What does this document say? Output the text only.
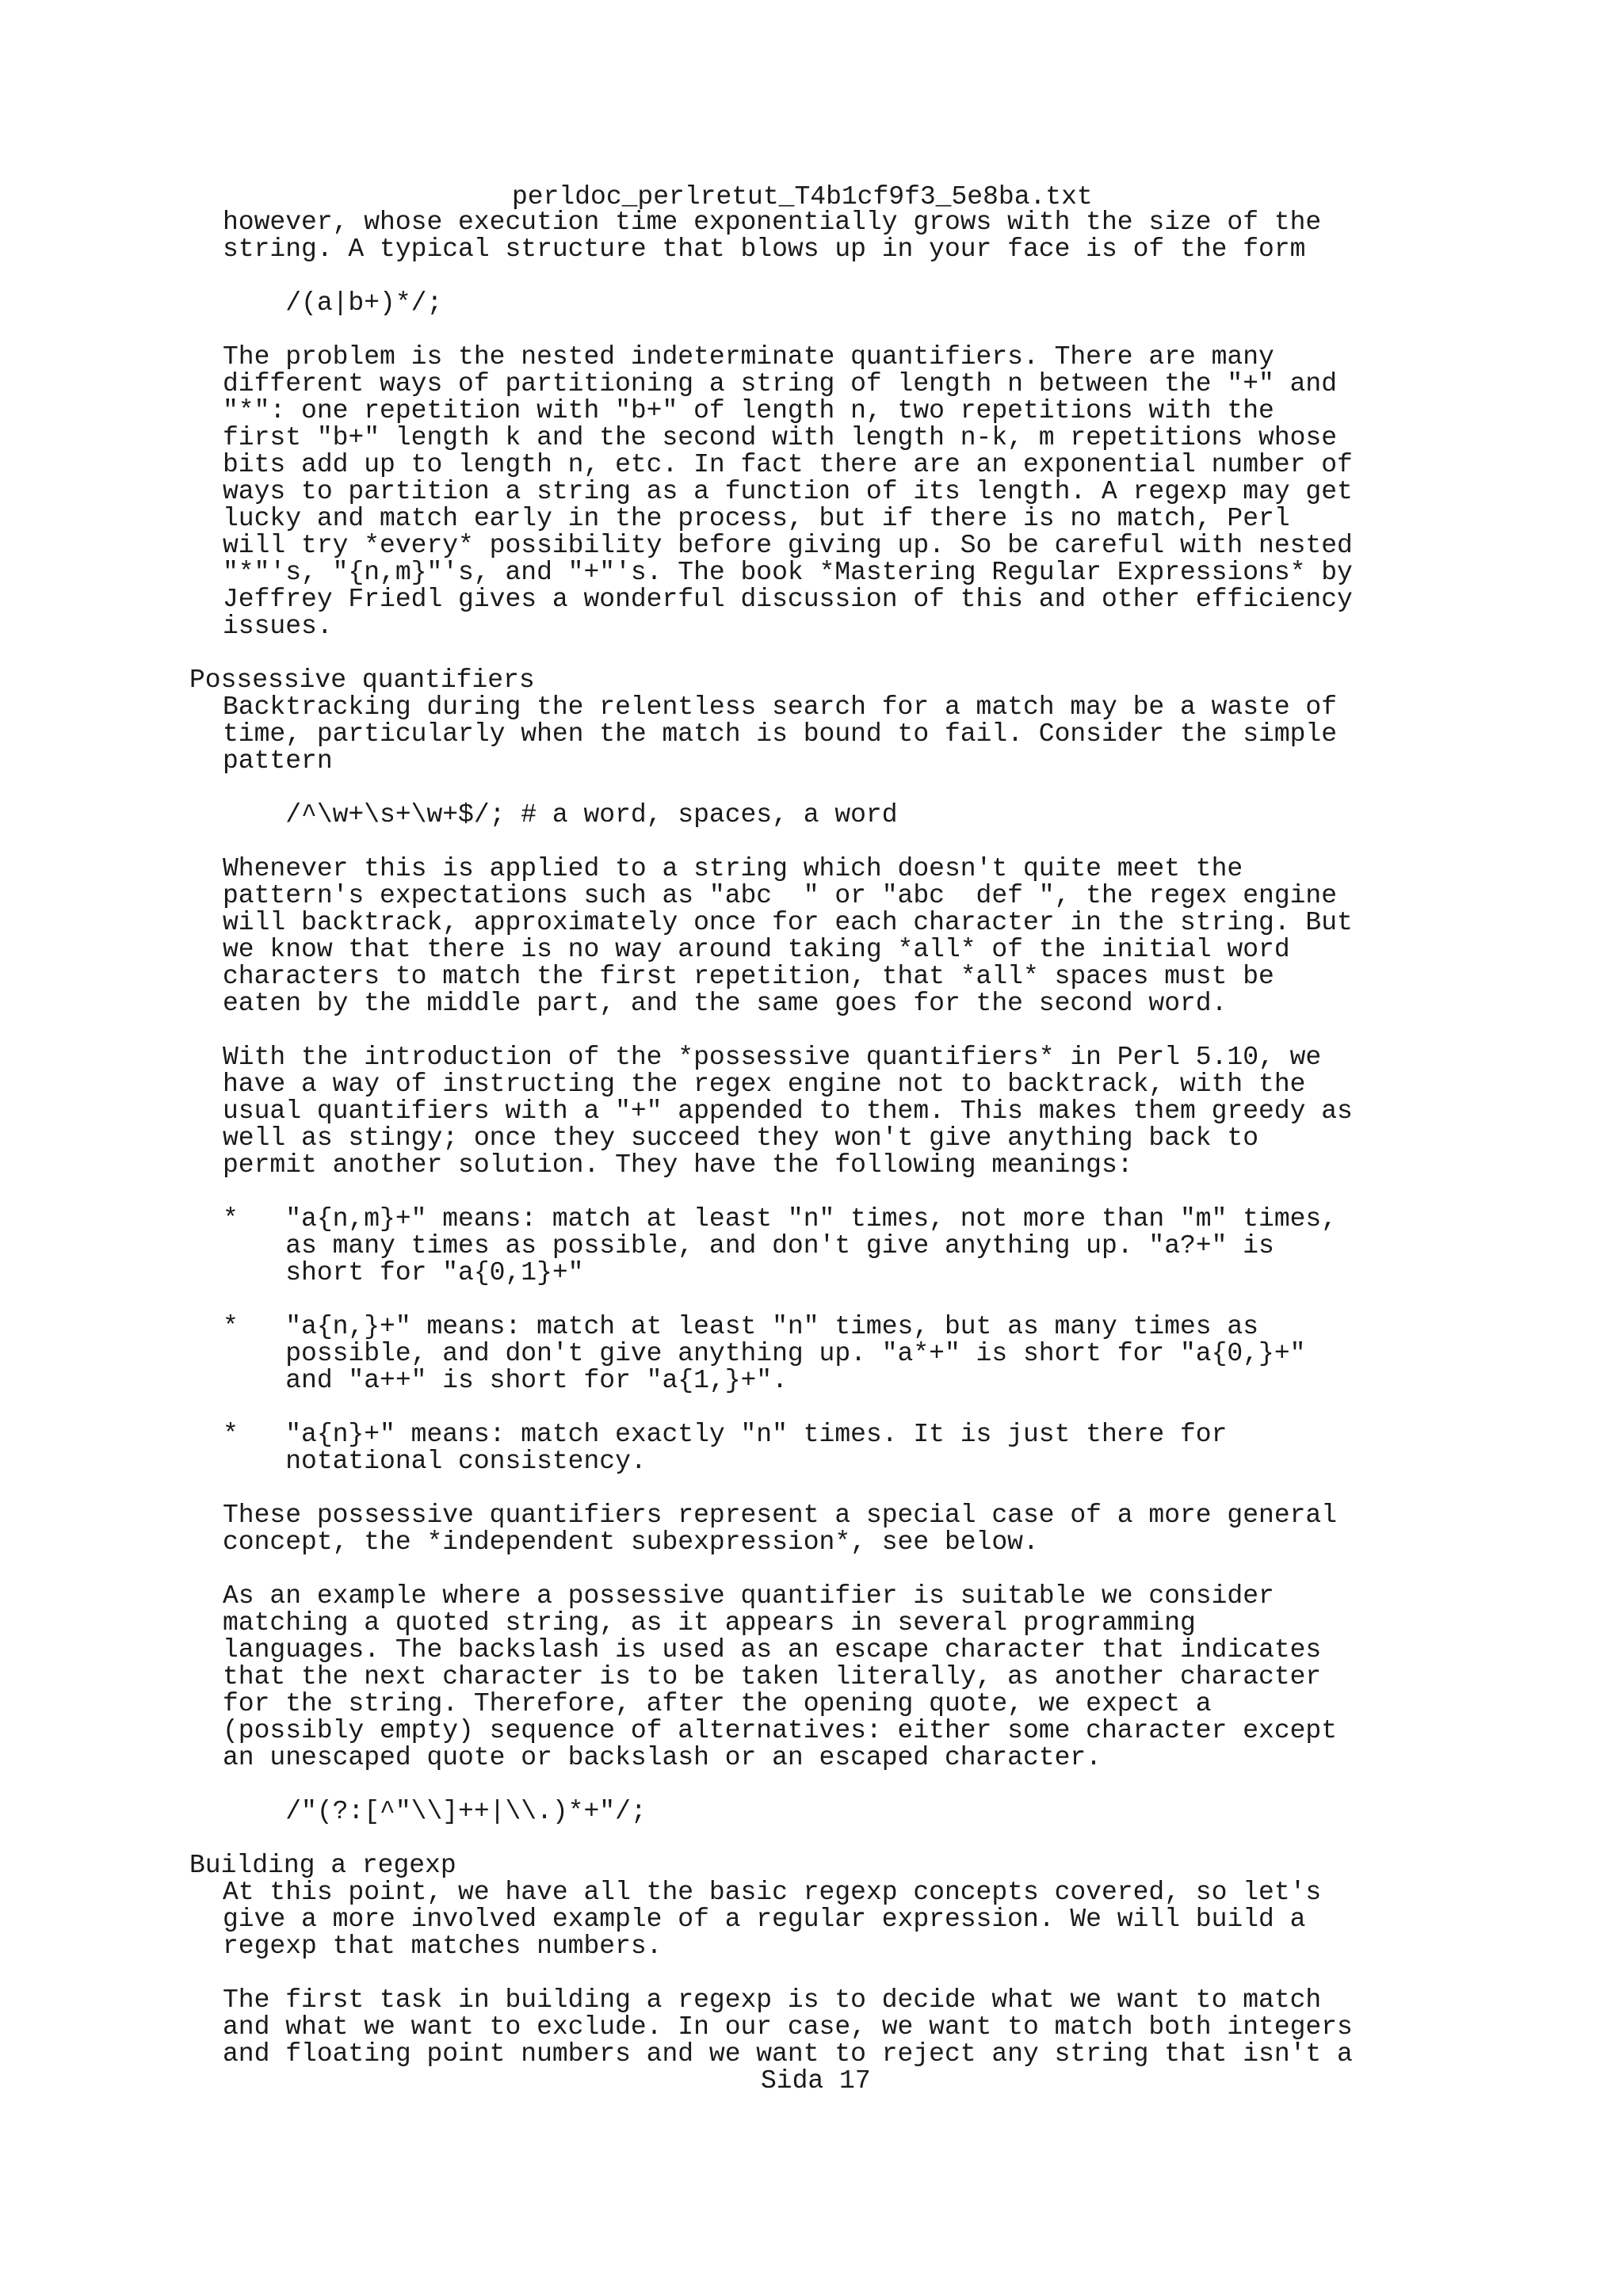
perldoc_perlretut_T4b1cf9f3_5e8ba.txt
however, whose execution time exponentially grows with the size of the
string. A typical structure that blows up in your face is of the form
/(a|b+)*/;
The problem is the nested indeterminate quantifiers. There are many
different ways of partitioning a string of length n between the "+" and
"*": one repetition with "b+" of length n, two repetitions with the
first "b+" length k and the second with length n-k, m repetitions whose
bits add up to length n, etc. In fact there are an exponential number of
ways to partition a string as a function of its length. A regexp may get
lucky and match early in the process, but if there is no match, Perl
will try *every* possibility before giving up. So be careful with nested
"*"'s, "{n,m}"'s, and "+"'s. The book *Mastering Regular Expressions* by
Jeffrey Friedl gives a wonderful discussion of this and other efficiency
issues.
Possessive quantifiers
Backtracking during the relentless search for a match may be a waste of
time, particularly when the match is bound to fail. Consider the simple
pattern
/^\w+\s+\w+$/; # a word, spaces, a word
Whenever this is applied to a string which doesn't quite meet the
pattern's expectations such as "abc  " or "abc  def ", the regex engine
will backtrack, approximately once for each character in the string. But
we know that there is no way around taking *all* of the initial word
characters to match the first repetition, that *all* spaces must be
eaten by the middle part, and the same goes for the second word.
With the introduction of the *possessive quantifiers* in Perl 5.10, we
have a way of instructing the regex engine not to backtrack, with the
usual quantifiers with a "+" appended to them. This makes them greedy as
well as stingy; once they succeed they won't give anything back to
permit another solution. They have the following meanings:
*   "a{n,m}+" means: match at least "n" times, not more than "m" times,
as many times as possible, and don't give anything up. "a?+" is
short for "a{0,1}+"
*   "a{n,}+" means: match at least "n" times, but as many times as
possible, and don't give anything up. "a*+" is short for "a{0,}+"
and "a++" is short for "a{1,}+".
*   "a{n}+" means: match exactly "n" times. It is just there for
notational consistency.
These possessive quantifiers represent a special case of a more general
concept, the *independent subexpression*, see below.
As an example where a possessive quantifier is suitable we consider
matching a quoted string, as it appears in several programming
languages. The backslash is used as an escape character that indicates
that the next character is to be taken literally, as another character
for the string. Therefore, after the opening quote, we expect a
(possibly empty) sequence of alternatives: either some character except
an unescaped quote or backslash or an escaped character.
/"(?:[^"\\]++|\\.)*+"/;
Building a regexp
At this point, we have all the basic regexp concepts covered, so let's
give a more involved example of a regular expression. We will build a
regexp that matches numbers.
The first task in building a regexp is to decide what we want to match
and what we want to exclude. In our case, we want to match both integers
and floating point numbers and we want to reject any string that isn't a
Sida 17
